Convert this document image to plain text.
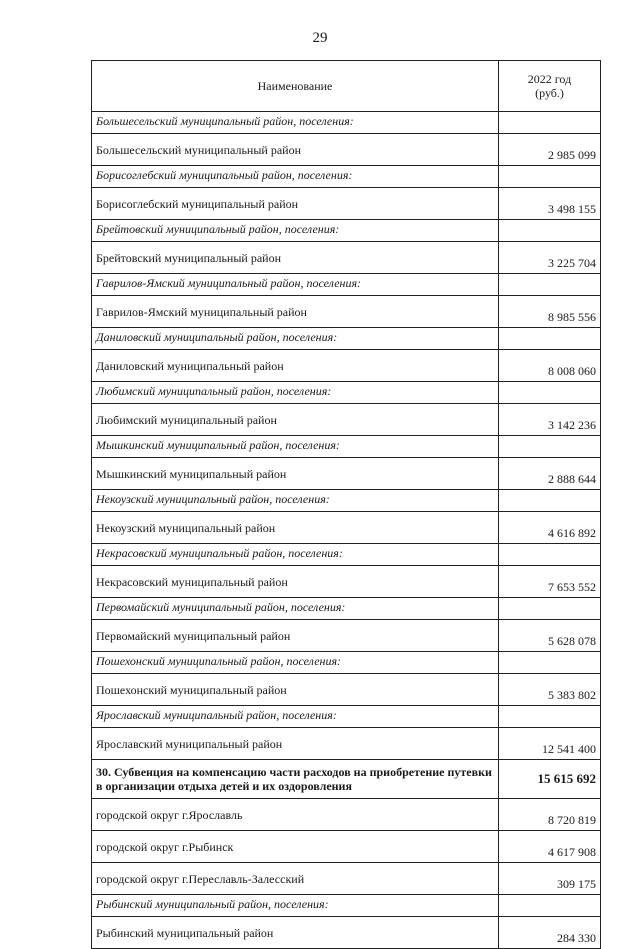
29
Наименование	2022 год
(руб.)
Большесельский муниципальный район, поселения:	
Большесельский муниципальный район	2 985 099
Борисоглебский муниципальный район, поселения:	
Борисоглебский муниципальный район	3 498 155
Брейтовский муниципальный район, поселения:	
Брейтовский муниципальный район	3 225 704
Гаврилов-Ямский муниципальный район, поселения:	
Гаврилов-Ямский муниципальный район	8 985 556
Даниловский муниципальный район, поселения:	
Даниловский муниципальный район	8 008 060
Любимский муниципальный район, поселения:	
Любимский муниципальный район	3 142 236
Мышкинский муниципальный район, поселения:	
Мышкинский муниципальный район	2 888 644
Некоузский муниципальный район, поселения:	
Некоузский муниципальный район	4 616 892
Некрасовский муниципальный район, поселения:	
Некрасовский муниципальный район	7 653 552
Первомайский муниципальный район, поселения:	
Первомайский муниципальный район	5 628 078
Пошехонский муниципальный район, поселения:	
Пошехонский муниципальный район	5 383 802
Ярославский муниципальный район, поселения:	
Ярославский муниципальный район	12 541 400
30. Субвенция на компенсацию части расходов на приобретение путевки в организации отдыха детей и их оздоровления	15 615 692
городской округ г.Ярославль	8 720 819
городской округ г.Рыбинск	4 617 908
городской округ г.Переславль-Залесский	309 175
Рыбинский муниципальный район, поселения:	
Рыбинский муниципальный район	284 330
